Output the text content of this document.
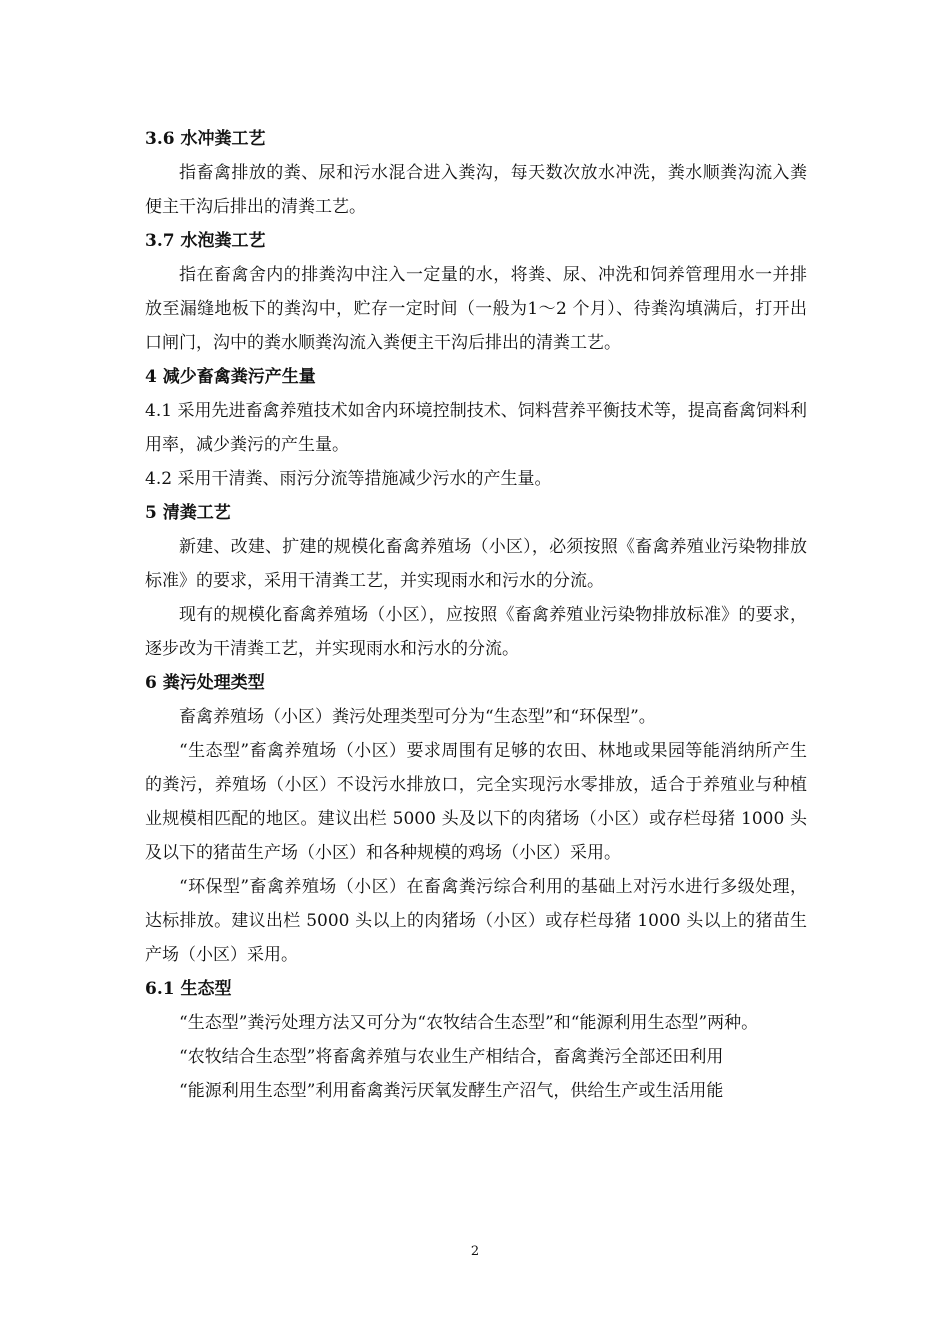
3.6 水冲粪工艺

指畜禽排放的粪、尿和污水混合进入粪沟，每天数次放水冲洗，粪水顺粪沟流入粪便主干沟后排出的清粪工艺。

3.7 水泡粪工艺

指在畜禽舍内的排粪沟中注入一定量的水，将粪、尿、冲洗和饲养管理用水一并排放至漏缝地板下的粪沟中，贮存一定时间（一般为1～2 个月）、待粪沟填满后，打开出口闸门，沟中的粪水顺粪沟流入粪便主干沟后排出的清粪工艺。

4 减少畜禽粪污产生量

4.1 采用先进畜禽养殖技术如舍内环境控制技术、饲料营养平衡技术等，提高畜禽饲料利用率，减少粪污的产生量。

4.2 采用干清粪、雨污分流等措施减少污水的产生量。

5 清粪工艺

新建、改建、扩建的规模化畜禽养殖场（小区），必须按照《畜禽养殖业污染物排放标准》的要求，采用干清粪工艺，并实现雨水和污水的分流。

现有的规模化畜禽养殖场（小区），应按照《畜禽养殖业污染物排放标准》的要求，逐步改为干清粪工艺，并实现雨水和污水的分流。

6 粪污处理类型

畜禽养殖场（小区）粪污处理类型可分为“生态型”和“环保型”。

“生态型”畜禽养殖场（小区）要求周围有足够的农田、林地或果园等能消纳所产生的粪污，养殖场（小区）不设污水排放口，完全实现污水零排放，适合于养殖业与种植业规模相匹配的地区。建议出栏 5000 头及以下的肉猪场（小区）或存栏母猪 1000 头及以下的猪苗生产场（小区）和各种规模的鸡场（小区）采用。

“环保型”畜禽养殖场（小区）在畜禽粪污综合利用的基础上对污水进行多级处理，达标排放。建议出栏 5000 头以上的肉猪场（小区）或存栏母猪 1000 头以上的猪苗生产场（小区）采用。

6.1 生态型

“生态型”粪污处理方法又可分为“农牧结合生态型”和“能源利用生态型”两种。

“农牧结合生态型”将畜禽养殖与农业生产相结合，畜禽粪污全部还田利用

“能源利用生态型”利用畜禽粪污厌氧发酵生产沼气，供给生产或生活用能

2
